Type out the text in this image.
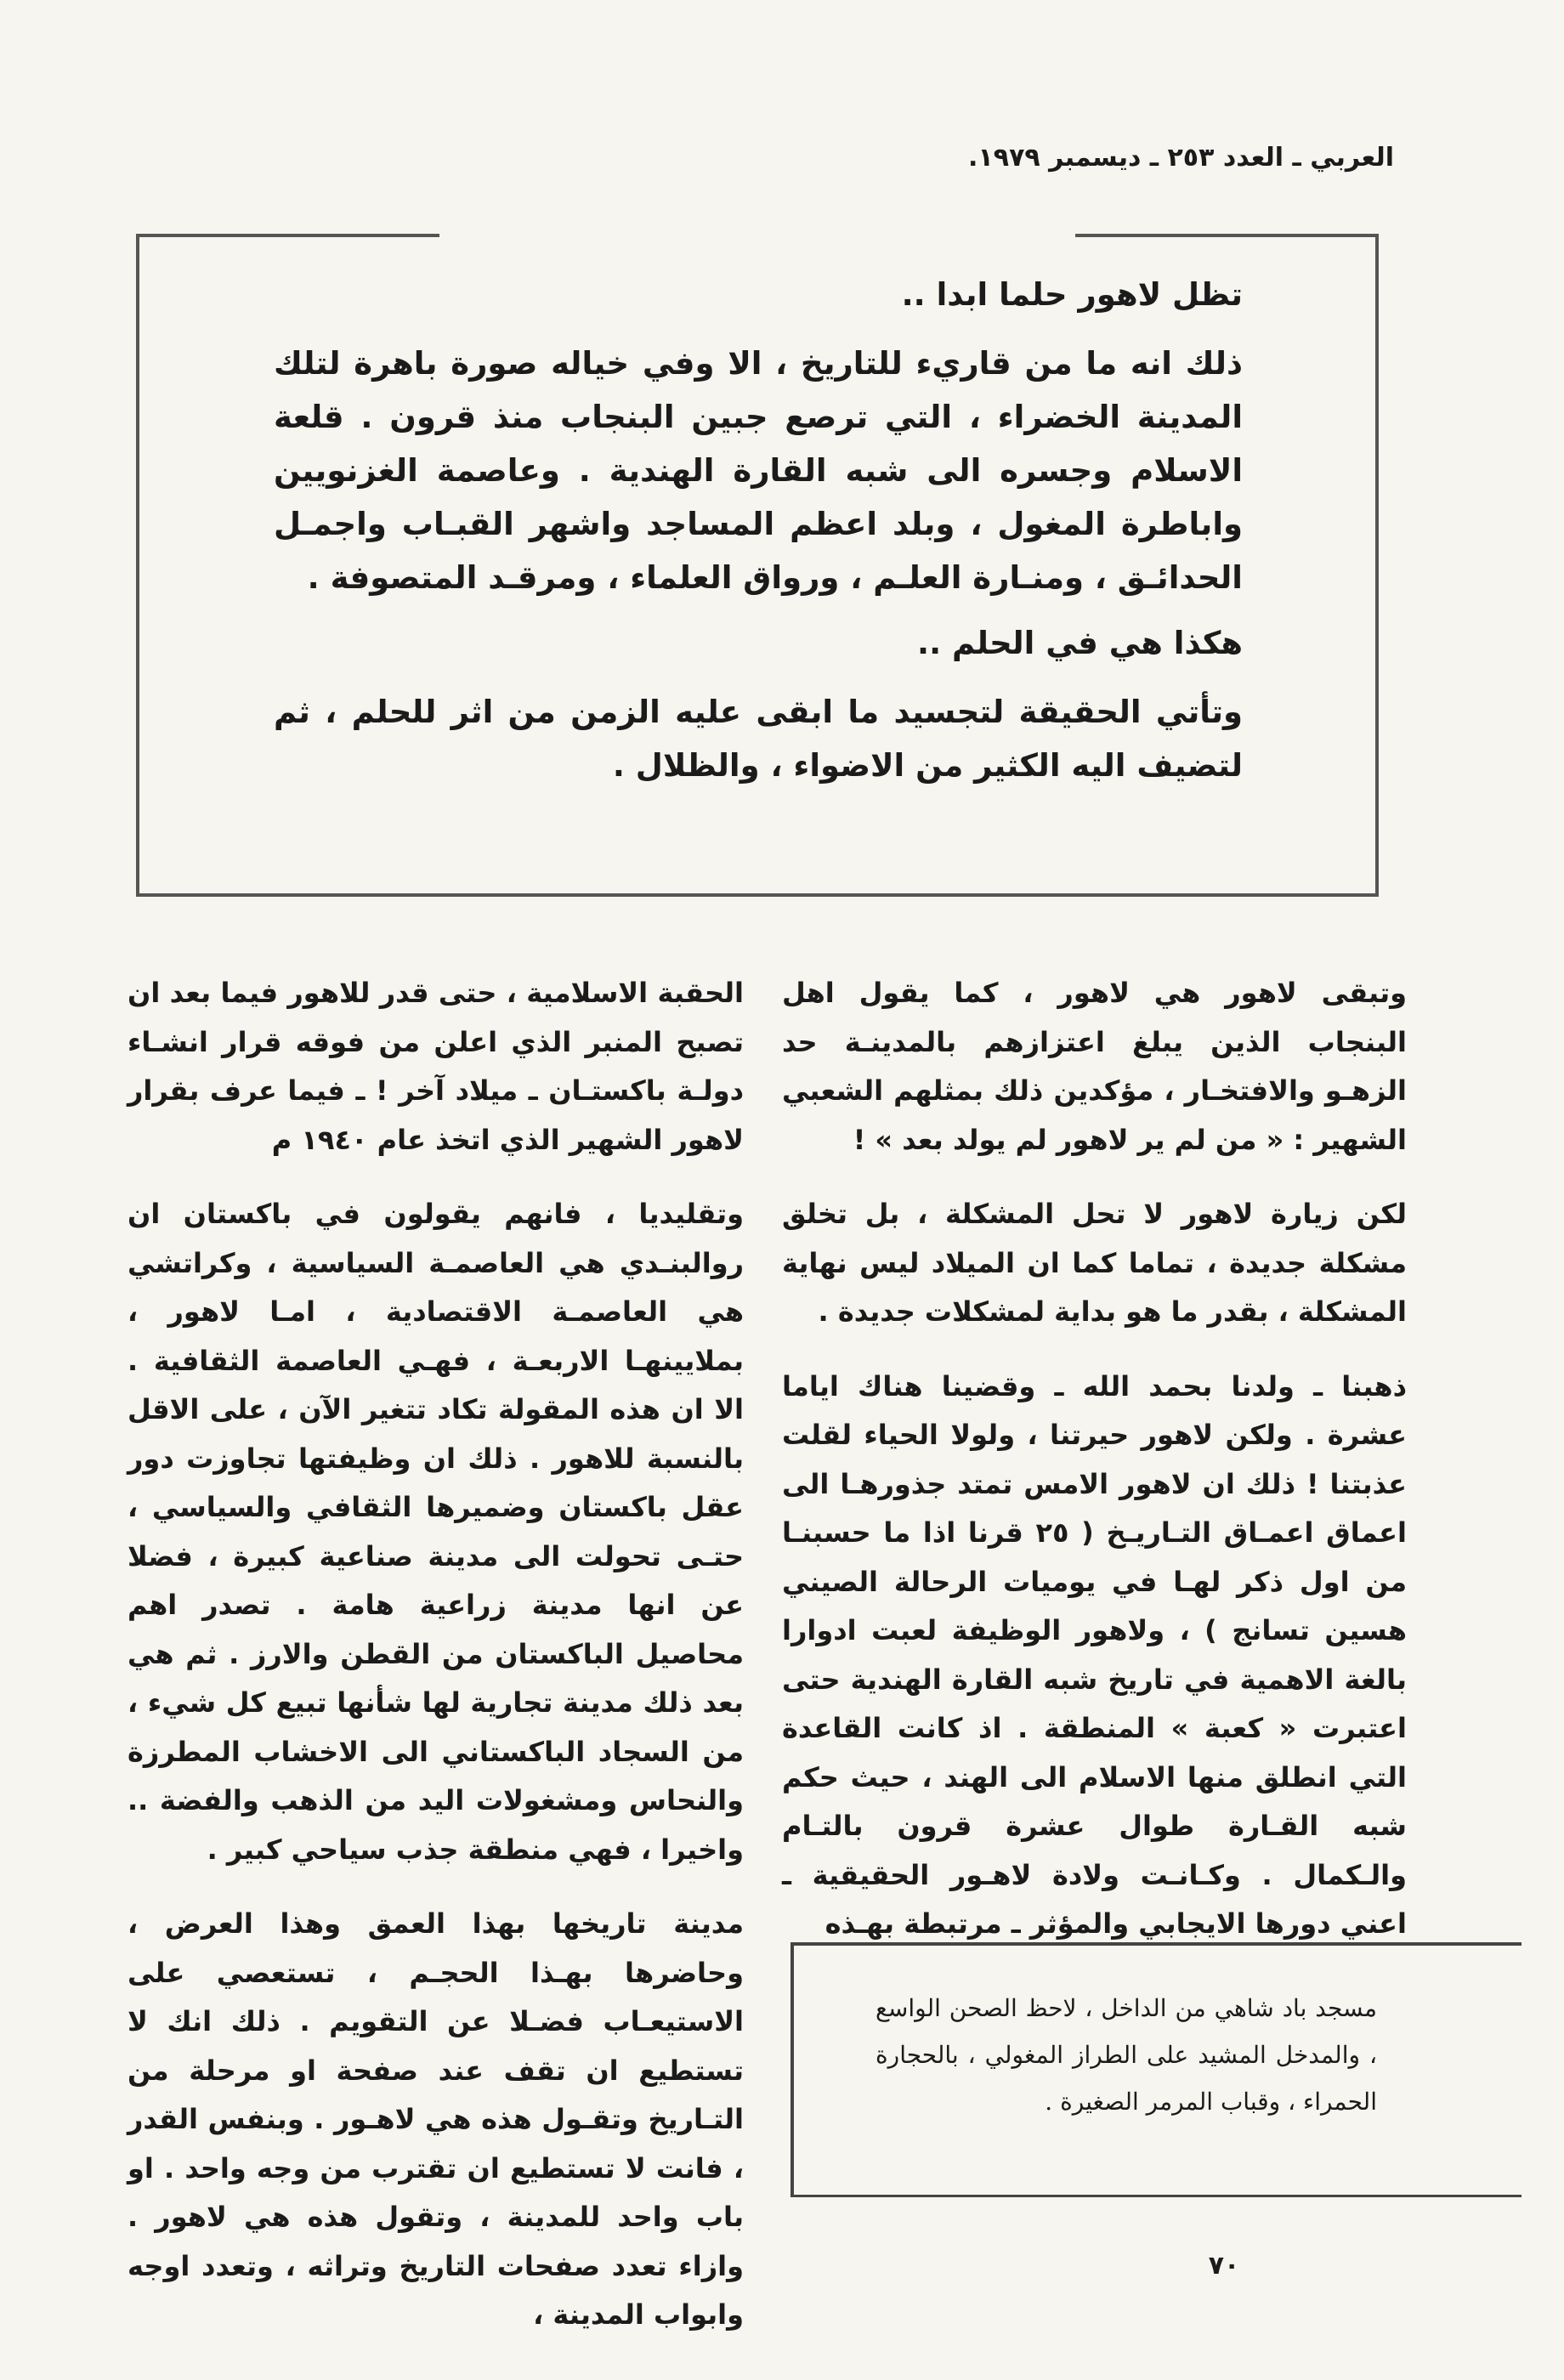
العربي ـ العدد ٢٥٣ ـ ديسمبر ١٩٧٩.

تظل لاهور حلما ابدا ..

ذلك انه ما من قاريء للتاريخ ، الا وفي خياله صورة باهرة لتلك المدينة الخضراء ، التي ترصع جبين البنجاب منذ قرون . قلعة الاسلام وجسره الى شبه القارة الهندية . وعاصمة الغزنويين واباطرة المغول ، وبلد اعظم المساجد واشهر القبـاب واجمـل الحدائـق ، ومنـارة العلـم ، ورواق العلماء ، ومرقـد المتصوفة .

هكذا هي في الحلم ..

وتأتي الحقيقة لتجسيد ما ابقى عليه الزمن من اثر للحلم ، ثم لتضيف اليه الكثير من الاضواء ، والظلال .

وتبقى لاهور هي لاهور ، كما يقول اهل البنجاب الذين يبلغ اعتزازهم بالمدينـة حد الزهـو والافتخـار ، مؤكدين ذلك بمثلهم الشعبي الشهير : « من لم ير لاهور لم يولد بعد » !

لكن زيارة لاهور لا تحل المشكلة ، بل تخلق مشكلة جديدة ، تماما كما ان الميلاد ليس نهاية المشكلة ، بقدر ما هو بداية لمشكلات جديدة .

ذهبنا ـ ولدنا بحمد الله ـ وقضينا هناك اياما عشرة . ولكن لاهور حيرتنا ، ولولا الحياء لقلت عذبتنا ! ذلك ان لاهور الامس تمتد جذورهـا الى اعماق اعمـاق التـاريـخ ( ٢٥ قرنا اذا ما حسبنـا من اول ذكر لهـا في يوميات الرحالة الصيني هسين تسانج ) ، ولاهور الوظيفة لعبت ادوارا بالغة الاهمية في تاريخ شبه القارة الهندية حتى اعتبرت « كعبة » المنطقة . اذ كانت القاعدة التي انطلق منها الاسلام الى الهند ، حيث حكم شبه القـارة طوال عشرة قرون بالتـام والـكمال . وكـانـت ولادة لاهـور الحقيقية ـ اعني دورها الايجابي والمؤثر ـ مرتبطة بهـذه

الحقبة الاسلامية ، حتى قدر للاهور فيما بعد ان تصبح المنبر الذي اعلن من فوقه قرار انشـاء دولـة باكستـان ـ ميلاد آخر ! ـ فيما عرف بقرار لاهور الشهير الذي اتخذ عام ١٩٤٠ م

وتقليديا ، فانهم يقولون في باكستان ان روالبنـدي هي العاصمـة السياسية ، وكراتشي هي العاصمـة الاقتصادية ، امـا لاهور ، بملايينهـا الاربعـة ، فهـي العاصمة الثقافية . الا ان هذه المقولة تكاد تتغير الآن ، على الاقل بالنسبة للاهور . ذلك ان وظيفتها تجاوزت دور عقل باكستان وضميرها الثقافي والسياسي ، حتـى تحولت الى مدينة صناعية كبيرة ، فضلا عن انها مدينة زراعية هامة . تصدر اهم محاصيل الباكستان من القطن والارز . ثم هي بعد ذلك مدينة تجارية لها شأنها تبيع كل شيء ، من السجاد الباكستاني الى الاخشاب المطرزة والنحاس ومشغولات اليد من الذهب والفضة .. واخيرا ، فهي منطقة جذب سياحي كبير .

مدينة تاريخها بهذا العمق وهذا العرض ، وحاضرها بهـذا الحجـم ، تستعصي على الاستيعـاب فضـلا عن التقويم . ذلك انك لا تستطيع ان تقف عند صفحة او مرحلة من التـاريخ وتقـول هذه هي لاهـور . وبنفس القدر ، فانت لا تستطيع ان تقترب من وجه واحد . او باب واحد للمدينة ، وتقول هذه هي لاهور . وازاء تعدد صفحات التاريخ وتراثه ، وتعدد اوجه وابواب المدينة ،

مسجد باد شاهي من الداخل ، لاحظ الصحن الواسع ، والمدخل المشيد على الطراز المغولي ، بالحجارة الحمراء ، وقباب المرمر الصغيرة .
٧٠
